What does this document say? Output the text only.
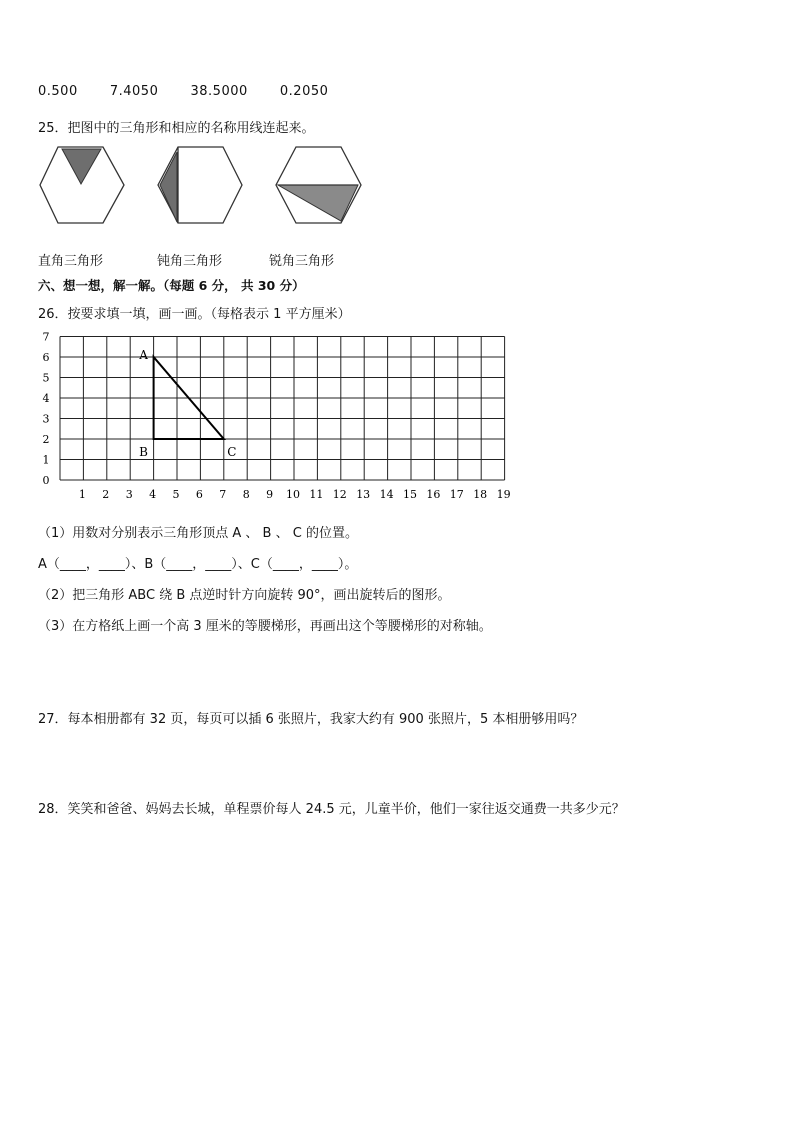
0.500 7.4050 38.5000 0.2050
25．把图中的三角形和相应的名称用线连起来。
直角三角形	钝角三角形	锐角三角形
六、想一想，解一解。（每题 6 分， 共 30 分）
26．按要求填一填，画一画。（每格表示 1 平方厘米）
0
1
2
3
4
5
6
7
1 2 3 4 5 6 7 8 9 10 11 12 13 14 15 16 17 18 19
A
B	C
（1）用数对分别表示三角形顶点 A 、 B 、 C 的位置。
A（____，____）、B（____，____）、C（____，____）。
（2）把三角形 ABC 绕 B 点逆时针方向旋转 90°，画出旋转后的图形。
（3）在方格纸上画一个高 3 厘米的等腰梯形，再画出这个等腰梯形的对称轴。
27．每本相册都有 32 页，每页可以插 6 张照片，我家大约有 900 张照片，5 本相册够用吗？
28．笑笑和爸爸、妈妈去长城，单程票价每人 24.5 元，儿童半价，他们一家往返交通费一共多少元？
